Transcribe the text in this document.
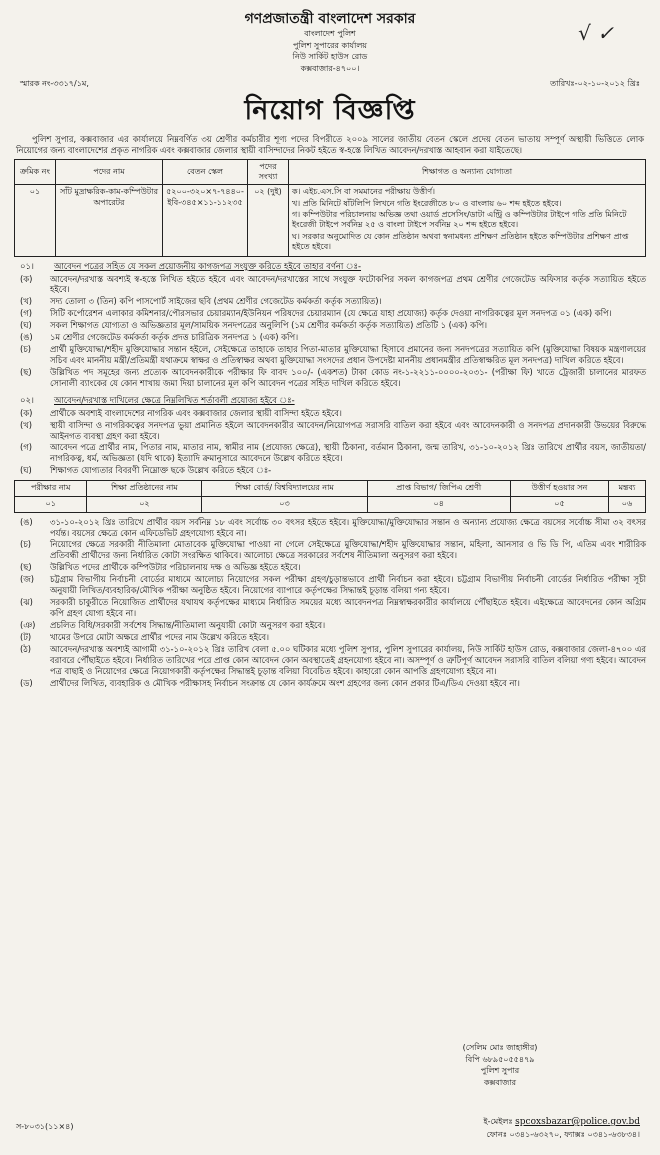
গণপ্রজাতন্ত্রী বাংলাদেশ সরকার
বাংলাদেশ পুলিশ
পুলিশ সুপারের কার্যালয়
নিউ সার্কিট হাউস রোড
কক্সবাজার-৪৭০০।
√ ✓
স্মারক নং-৩৩১৭/১ম,	তারিখঃ-০২-১০-২০১২ খ্রিঃ
নিয়োগ বিজ্ঞপ্তি
পুলিশ সুপার, কক্সবাজার এর কার্যালয়ে নিম্নবর্ণিত ৩য় শ্রেণীর কর্মচারীর শূণ্য পদের বিপরীতে ২০০৯ সালের জাতীয় বেতন স্কেলে প্রদেয় বেতন ভাতায় সম্পূর্ণ অস্থায়ী ভিত্তিতে লোক নিয়োগের জন্য বাংলাদেশের প্রকৃত নাগরিক এবং কক্সবাজার জেলার স্থায়ী বাসিন্দাদের নিকট হইতে স্ব-হস্তে লিখিত আবেদন/দরখাস্ত আহবান করা যাইতেছে।
ক্রমিক নং	পদের নাম	বেতন স্কেল	পদের সংখ্যা	শিক্ষাগত ও অন্যান্য যোগ্যতা
০১	সাঁট মুদ্রাক্ষরিক-কাম-কম্পিউটার অপারেটর	৫২০০-৩২০×৭-৭৪৪০-ইবি-৩৪৫×১১-১১২৩৫	০২ (দুই)	ক। এইচ.এস.সি বা সমমানের পরীক্ষায় উত্তীর্ণ।
খ। প্রতি মিনিটে ষাঁটলিপি লিখনে গতি ইংরেজীতে ৮০ ও বাংলায় ৬০ শব্দ হইতে হইবে।
গ। কম্পিউটার পরিচালনায় অভিজ্ঞ তথা ওয়ার্ড প্রসেসিং/ডাটা এন্ট্রি ও কম্পিউটার টাইপে গতি প্রতি মিনিটে ইংরেজী টাইপে সর্বনিম্ন ২৫ ও বাংলা টাইপে সর্বনিম্ন ২০ শব্দ হইতে হইবে।
ঘ। সরকার অনুমোদিত যে কোন প্রতিষ্ঠান অথবা স্বনামধন্য প্রশিক্ষণ প্রতিষ্ঠান হইতে কম্পিউটার প্রশিক্ষণ প্রাপ্ত হইতে হইবে।
০১। আবেদন পত্রের সহিত যে সকল প্রয়োজনীয় কাগজপত্র সংযুক্ত করিতে হইবে তাহার বর্ণনা ঃ-
(ক)	আবেদন/দরখাস্ত অবশ্যই স্ব-হস্তে লিখিত হইতে হইবে এবং আবেদন/দরখাস্তের সাথে সংযুক্ত ফটোকপির সকল কাগজপত্র প্রথম শ্রেণীর গেজেটেড অফিসার কর্তৃক সত্যায়িত হইতে হইবে।
(খ)	সদ্য তোলা ৩ (তিন) কপি পাসপোর্ট সাইজের ছবি (প্রথম শ্রেণীর গেজেটেড কর্মকর্তা কর্তৃক সত্যায়িত)।
(গ)	সিটি কর্পোরেশন এলাকার কমিশনার/পৌরসভার চেয়ারম্যান/ইউনিয়ন পরিষদের চেয়ারম্যান (যে ক্ষেত্রে যাহা প্রযোজ্য) কর্তৃক দেওয়া নাগরিকত্বের মূল সনদপত্র ০১ (এক) কপি।
(ঘ)	সকল শিক্ষাগত যোগ্যতা ও অভিজ্ঞতার মূল/সাময়িক সনদপত্রের অনুলিপি (১ম শ্রেণীর কর্মকর্তা কর্তৃক সত্যায়িত) প্রতিটি ১ (এক) কপি।
(ঙ)	১ম শ্রেণীর গেজেটেড কর্মকর্তা কর্তৃক প্রদত্ত চারিত্রিক সনদপত্র ১ (এক) কপি।
(চ)	প্রার্থী মুক্তিযোদ্ধা/শহীদ মুক্তিযোদ্ধার সন্তান হইলে, সেইক্ষেত্রে তাহাকে তাহার পিতা-মাতার মুক্তিযোদ্ধা হিসাবে প্রমানের জন্য সনদপত্রের সত্যায়িত কপি (মুক্তিযোদ্ধা বিষয়ক মন্ত্রণালয়ের সচিব এবং মাননীয় মন্ত্রী/প্রতিমন্ত্রী যথাক্রমে স্বাক্ষর ও প্রতিস্বাক্ষর অথবা মুক্তিযোদ্ধা সংসদের প্রধান উপদেষ্টা মাননীয় প্রধানমন্ত্রীর প্রতিস্বাক্ষরিত মূল সনদপত্র) দাখিল করিতে হইবে।
(ছ)	উল্লিখিত পদ সমূহের জন্য প্রত্যেক আবেদনকারীকে পরীক্ষার ফি বাবদ ১০০/- (একশত) টাকা কোড নং-১-২২১১-০০০০-২০৩১- (পরীক্ষা ফি) খাতে ট্রেজারী চালানের মারফত সোনালী ব্যাংকের যে কোন শাখায় জমা দিয়া চালানের মূল কপি আবেদন পত্রের সহিত দাখিল করিতে হইবে।
০২। আবেদন/দরখাস্ত দাখিলের ক্ষেত্রে নিম্নলিখিত শর্তাবলী প্রযোজ্য হইবে ঃ-
(ক)	প্রার্থীকে অবশ্যই বাংলাদেশের নাগরিক এবং কক্সবাজার জেলার স্থায়ী বাসিন্দা হইতে হইবে।
(খ)	স্থায়ী বাসিন্দা ও নাগরিকত্বের সনদপত্র ভুয়া প্রমানিত হইলে আবেদনকারীর আবেদন/নিয়োগপত্র সরাসরি বাতিল করা হইবে এবং আবেদনকারী ও সনদপত্র প্রদানকারী উভয়ের বিরুদ্ধে আইনগত ব্যবস্থা গ্রহণ করা হইবে।
(গ)	আবেদন পত্রে প্রার্থীর নাম, পিতার নাম, মাতার নাম, স্বামীর নাম (প্রযোজ্য ক্ষেত্রে), স্থায়ী ঠিকানা, বর্তমান ঠিকানা, জন্ম তারিখ, ৩১-১০-২০১২ খ্রিঃ তারিখে প্রার্থীর বয়স, জাতীয়তা/নাগরিকত্ব, ধর্ম, অভিজ্ঞতা (যদি থাকে) ইত্যাদি ক্রমানুসারে আবেদনে উল্লেখ করিতে হইবে।
(ঘ)	শিক্ষাগত যোগ্যতার বিবরণী নিম্নোক্ত ছকে উল্লেখ করিতে হইবে ঃ-
পরীক্ষার নাম	শিক্ষা প্রতিষ্ঠানের নাম	শিক্ষা বোর্ড/ বিশ্ববিদ্যালয়ের নাম	প্রাপ্ত বিভাগ/ জিপিএ শ্রেণী	উত্তীর্ণ হওয়ার সন	মন্তব্য
০১	০২	০৩	০৪	০৫	০৬
(ঙ)	৩১-১০-২০১২ খ্রিঃ তারিখে প্রার্থীর বয়স সর্বনিম্ন ১৮ এবং সর্বোচ্চ ৩০ বৎসর হইতে হইবে। মুক্তিযোদ্ধা/মুক্তিযোদ্ধার সন্তান ও অন্যান্য প্রযোজ্য ক্ষেত্রে বয়সের সর্বোচ্চ সীমা ৩২ বৎসর পর্যন্ত। বয়সের ক্ষেত্রে কোন এফিডেভিট গ্রহণযোগ্য হইবে না।
(চ)	নিয়োগের ক্ষেত্রে সরকারী নীতিমালা মোতাবেক মুক্তিযোদ্ধা পাওয়া না গেলে সেইক্ষেত্রে মুক্তিযোদ্ধা/শহীদ মুক্তিযোদ্ধার সন্তান, মহিলা, আনসার ও ভি ডি পি, এতিম এবং শারীরিক প্রতিবন্ধী প্রার্থীদের জন্য নির্ধারিত কোটা সংরক্ষিত থাকিবে। আলোচ্য ক্ষেত্রে সরকারের সর্বশেষ নীতিমালা অনুসরণ করা হইবে।
(ছ)	উল্লিখিত পদের প্রার্থীকে কম্পিউটার পরিচালনায় দক্ষ ও অভিজ্ঞ হইতে হইবে।
(জ)	চট্টগ্রাম বিভাগীয় নির্বাচনী বোর্ডের মাধ্যমে আলোচ্য নিয়োগের সকল পরীক্ষা গ্রহণ/চুড়ান্তভাবে প্রার্থী নির্বাচন করা হইবে। চট্টগ্রাম বিভাগীয় নির্বাচনী বোর্ডের নির্ধারিত পরীক্ষা সূচী অনুযায়ী লিখিত/ব্যবহারিক/মৌখিক পরীক্ষা অনুষ্ঠিত হইবে। নিয়োগের ব্যাপারে কর্তৃপক্ষের সিদ্ধান্তই চূড়ান্ত বলিয়া গন্য হইবে।
(ঝ)	সরকারী চাকুরীতে নিয়োজিত প্রার্থীদের যথাযথ কর্তৃপক্ষের মাধ্যমে নির্ধারিত সময়ের মধ্যে আবেদনপত্র নিম্নস্বাক্ষরকারীর কার্যালয়ে পৌঁছাইতে হইবে। এইক্ষেত্রে আবেদনের কোন অগ্রিম কপি গ্রহণ যোগ্য হইবে না।
(ঞ)	প্রচলিত বিধি/সরকারী সর্বশেষ সিদ্ধান্ত/নীতিমালা অনুযায়ী কোটা অনুসরণ করা হইবে।
(ট)	খামের উপরে মোটা অক্ষরে প্রার্থীর পদের নাম উল্লেখ করিতে হইবে।
(ঠ)	আবেদন/দরখাস্ত অবশ্যই আগামী ৩১-১০-২০১২ খ্রিঃ তারিখ বেলা ৫.০০ ঘটিকার মধ্যে পুলিশ সুপার, পুলিশ সুপারের কার্যালয়, নিউ সার্কিট হাউস রোড, কক্সবাজার জেলা-৪৭০০ এর বরাবরে পৌঁছাইতে হইবে। নির্ধারিত তারিখের পরে প্রাপ্ত কোন আবেদন কোন অবস্থাতেই গ্রহনযোগ্য হইবে না। অসম্পূর্ণ ও ত্রুটিপূর্ণ আবেদন সরাসরি বাতিল বলিয়া গণ্য হইবে। আবেদন পত্র বাছাই ও নিয়োগের ক্ষেত্রে নিয়োগকারী কর্তৃপক্ষের সিদ্ধান্তই চূড়ান্ত বলিয়া বিবেচিত হইবে। কাহারো কোন আপত্তি গ্রহণযোগ্য হইবে না।
(ড)	প্রার্থীদের লিখিত, ব্যবহারিক ও মৌখিক পরীক্ষাসহ নির্বাচন সংক্রান্ত যে কোন কার্যক্রমে অংশ গ্রহণের জন্য কোন প্রকার টিএ/ডিএ দেওয়া হইবে না।
(সেলিম মোঃ জাহাঙ্গীর)
বিপি ৬৮৯৫০৫৫৪৭৯
পুলিশ সুপার
কক্সবাজার
স-৮০৩১(১১×৪)
ই-মেইলঃ spcoxsbazar@police.gov.bd
ফোনঃ ০৩৪১-৬৩২৭০, ফ্যাক্সঃ ০৩৪১-৬৩৮৩৪।
